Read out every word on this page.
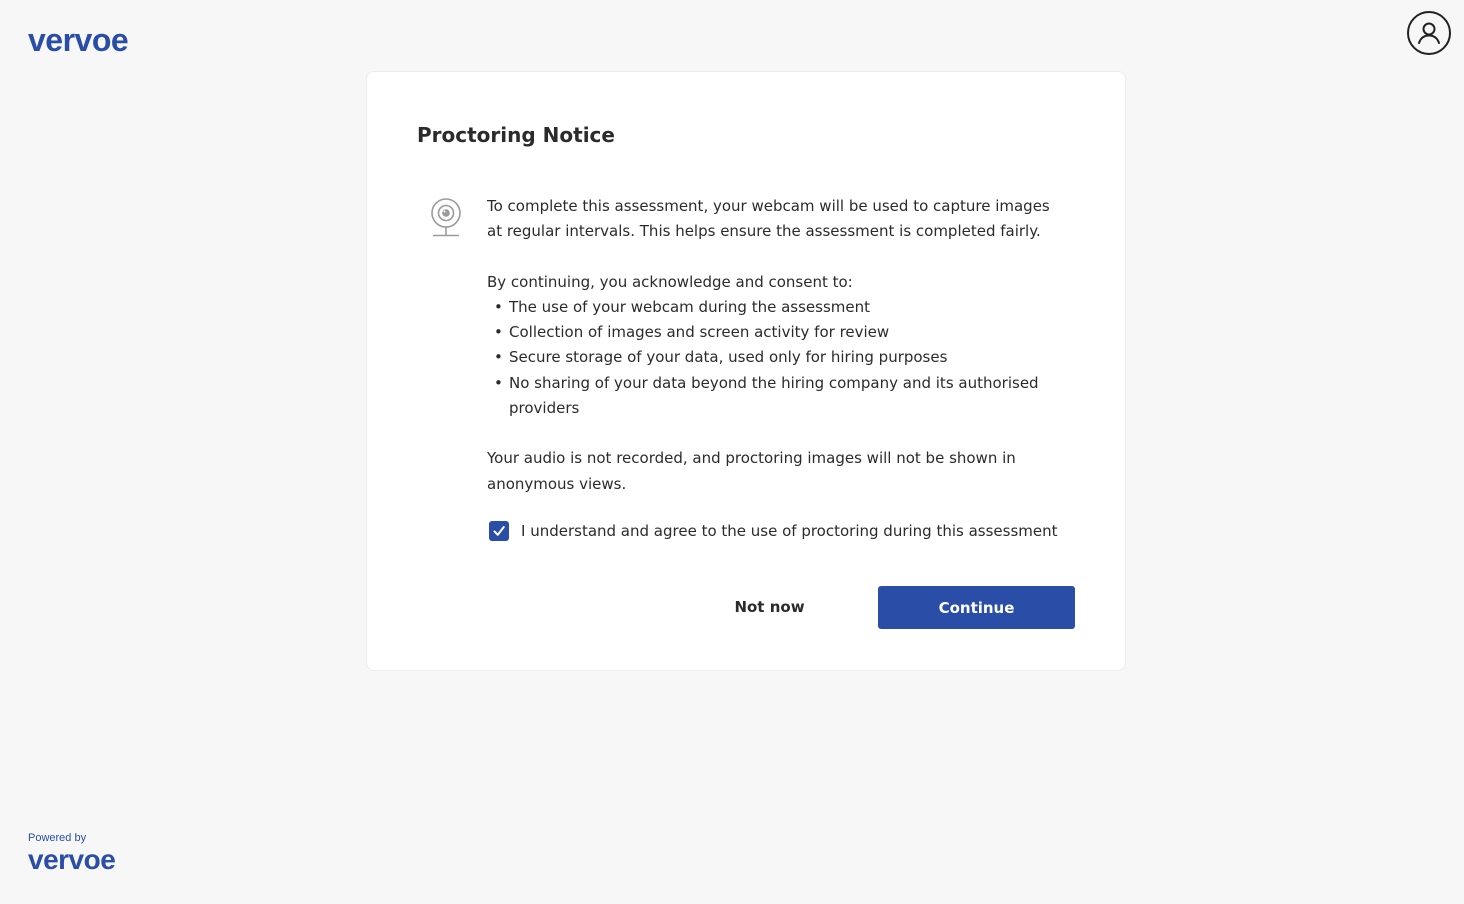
vervoe
Proctoring Notice

To complete this assessment, your webcam will be used to capture images at regular intervals. This helps ensure the assessment is completed fairly.

By continuing, you acknowledge and consent to:

• The use of your webcam during the assessment
• Collection of images and screen activity for review
• Secure storage of your data, used only for hiring purposes
• No sharing of your data beyond the hiring company and its authorised providers

Your audio is not recorded, and proctoring images will not be shown in anonymous views.

I understand and agree to the use of proctoring during this assessment
Not now	Continue
Powered by
vervoe
